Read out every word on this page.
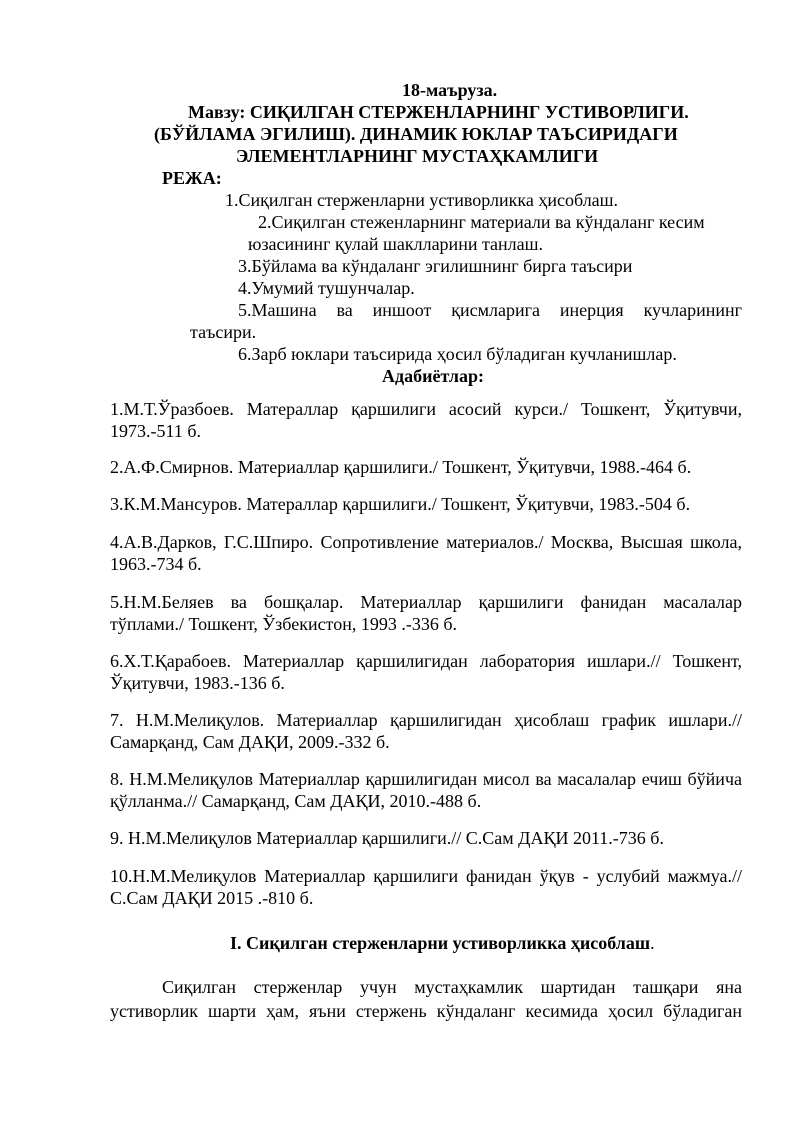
18-маъруза.
Мавзу: СИҚИЛГАН СТЕРЖЕНЛАРНИНГ УСТИВОРЛИГИ.
(БЎЙЛАМА ЭГИЛИШ). ДИНАМИК ЮКЛАР ТАЪСИРИДАГИ
ЭЛЕМЕНТЛАРНИНГ МУСТАҲКАМЛИГИ
РЕЖА:
1.Сиқилган стерженларни устиворликка ҳисоблаш.
2.Сиқилган стеженларнинг материали ва кўндаланг кесим
юзасининг қулай шаклларини танлаш.
3.Бўйлама ва кўндаланг эгилишнинг бирга таъсири
4.Умумий тушунчалар.
5.Машина ва иншоот қисмларига инерция кучларининг
таъсири.
6.Зарб юклари таъсирида ҳосил бўладиган кучланишлар.
Адабиётлар:
1.М.Т.Ўразбоев. Матераллар қаршилиги асосий курси./ Тошкент, Ўқитувчи, 1973.-511 б.
2.А.Ф.Смирнов. Материаллар қаршилиги./ Тошкент, Ўқитувчи, 1988.-464 б.
3.К.М.Мансуров. Матераллар қаршилиги./ Тошкент, Ўқитувчи, 1983.-504 б.
4.А.В.Дарков, Г.С.Шпиро. Сопротивление материалов./ Москва, Высшая школа, 1963.-734 б.
5.Н.М.Беляев ва бошқалар. Материаллар қаршилиги фанидан масалалар тўплами./ Тошкент, Ўзбекистон, 1993 .-336 б.
6.Х.Т.Қарабоев. Материаллар қаршилигидан лаборатория ишлари.// Тошкент, Ўқитувчи, 1983.-136 б.
7. Н.М.Мелиқулов. Материаллар қаршилигидан ҳисоблаш график ишлари.// Самарқанд, Сам ДАҚИ, 2009.-332 б.
8. Н.М.Мелиқулов Материаллар қаршилигидан мисол ва масалалар ечиш бўйича қўлланма.// Самарқанд, Сам ДАҚИ, 2010.-488 б.
9. Н.М.Мелиқулов Материаллар қаршилиги.// С.Сам ДАҚИ 2011.-736 б.
10.Н.М.Мелиқулов Материаллар қаршилиги фанидан ўқув - услубий мажмуа.// С.Сам ДАҚИ 2015 .-810 б.
I. Сиқилган стерженларни устиворликка ҳисоблаш.
Сиқилган стерженлар учун мустаҳкамлик шартидан ташқари яна устиворлик шарти ҳам, яъни стержень кўндаланг кесимида ҳосил бўладиган
